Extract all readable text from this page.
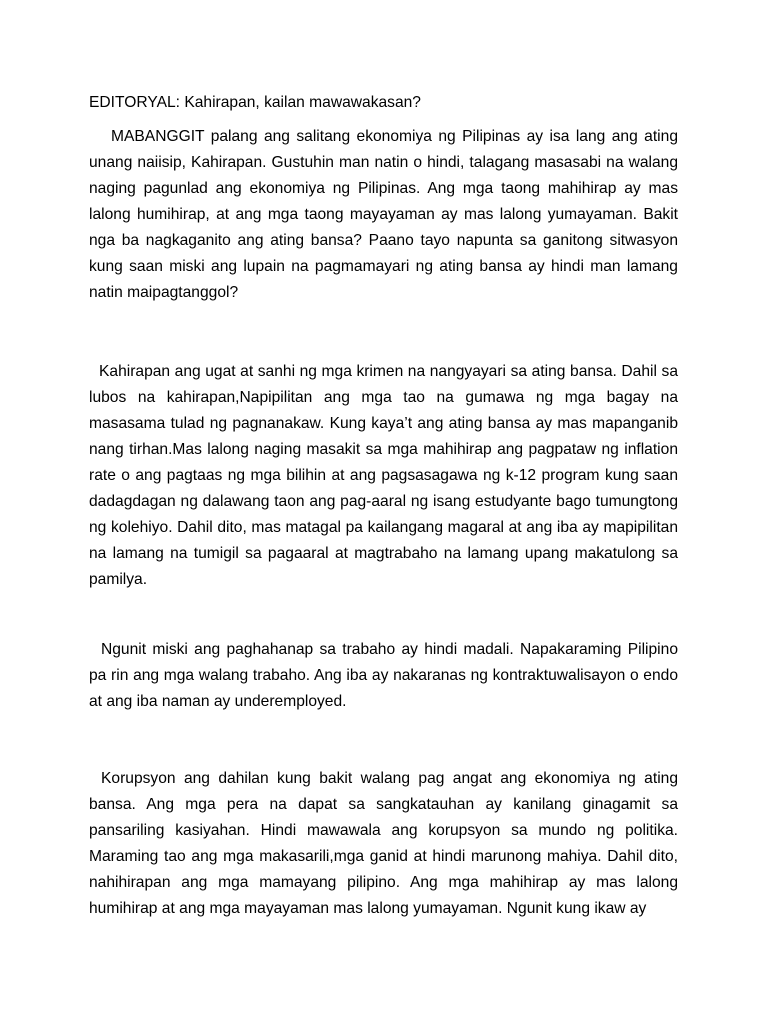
EDITORYAL: Kahirapan, kailan mawawakasan?

MABANGGIT palang ang salitang ekonomiya ng Pilipinas ay isa lang ang ating unang naiisip, Kahirapan. Gustuhin man natin o hindi, talagang masasabi na walang naging pagunlad ang ekonomiya ng Pilipinas. Ang mga taong mahihirap ay mas lalong humihirap, at ang mga taong mayayaman ay mas lalong yumayaman. Bakit nga ba nagkaganito ang ating bansa? Paano tayo napunta sa ganitong sitwasyon kung saan miski ang lupain na pagmamayari ng ating bansa ay hindi man lamang natin maipagtanggol?

Kahirapan ang ugat at sanhi ng mga krimen na nangyayari sa ating bansa. Dahil sa lubos na kahirapan,Napipilitan ang mga tao na gumawa ng mga bagay na masasama tulad ng pagnanakaw. Kung kaya’t ang ating bansa ay mas mapanganib nang tirhan.Mas lalong naging masakit sa mga mahihirap ang pagpataw ng inflation rate o ang pagtaas ng mga bilihin at ang pagsasagawa ng k-12 program kung saan dadagdagan ng dalawang taon ang pag-aaral ng isang estudyante bago tumungtong ng kolehiyo. Dahil dito, mas matagal pa kailangang magaral at ang iba ay mapipilitan na lamang na tumigil sa pagaaral at magtrabaho na lamang upang makatulong sa pamilya.

Ngunit miski ang paghahanap sa trabaho ay hindi madali. Napakaraming Pilipino pa rin ang mga walang trabaho. Ang iba ay nakaranas ng kontraktuwalisayon o endo at ang iba naman ay underemployed.

Korupsyon ang dahilan kung bakit walang pag angat ang ekonomiya ng ating bansa. Ang mga pera na dapat sa sangkatauhan ay kanilang ginagamit sa pansariling kasiyahan. Hindi mawawala ang korupsyon sa mundo ng politika. Maraming tao ang mga makasarili,mga ganid at hindi marunong mahiya. Dahil dito, nahihirapan ang mga mamayang pilipino. Ang mga mahihirap ay mas lalong humihirap at ang mga mayayaman mas lalong yumayaman. Ngunit kung ikaw ay
